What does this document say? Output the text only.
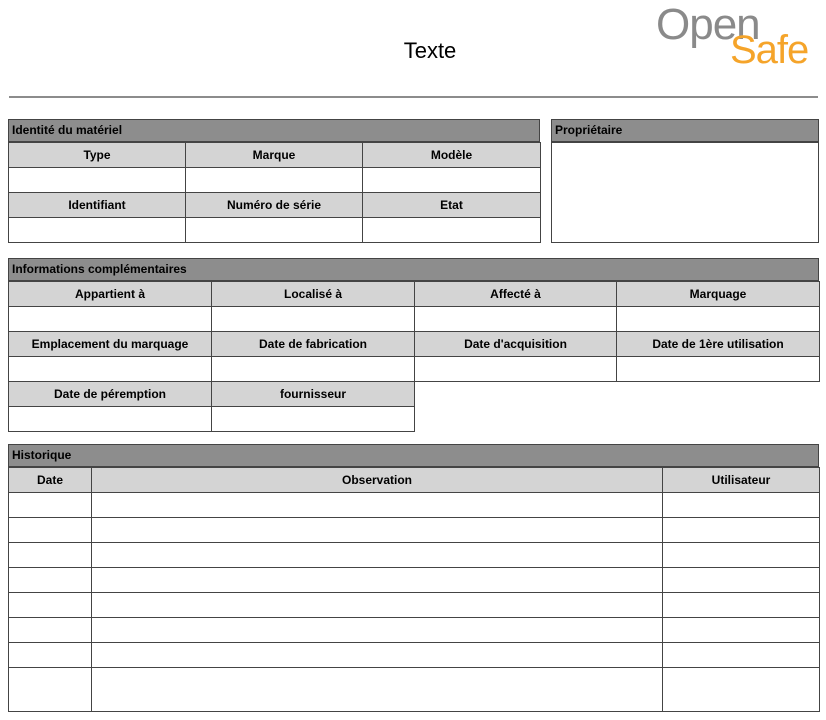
Texte
Open
Safe
Identité du matériel
Type	Marque	Modèle

Identifiant	Numéro de série	Etat

Propriétaire
Informations complémentaires
Appartient à	Localisé à	Affecté à	Marquage

Emplacement du marquage	Date de fabrication	Date d'acquisition	Date de 1ère utilisation

Date de péremption	fournisseur

Historique
Date	Observation	Utilisateur
